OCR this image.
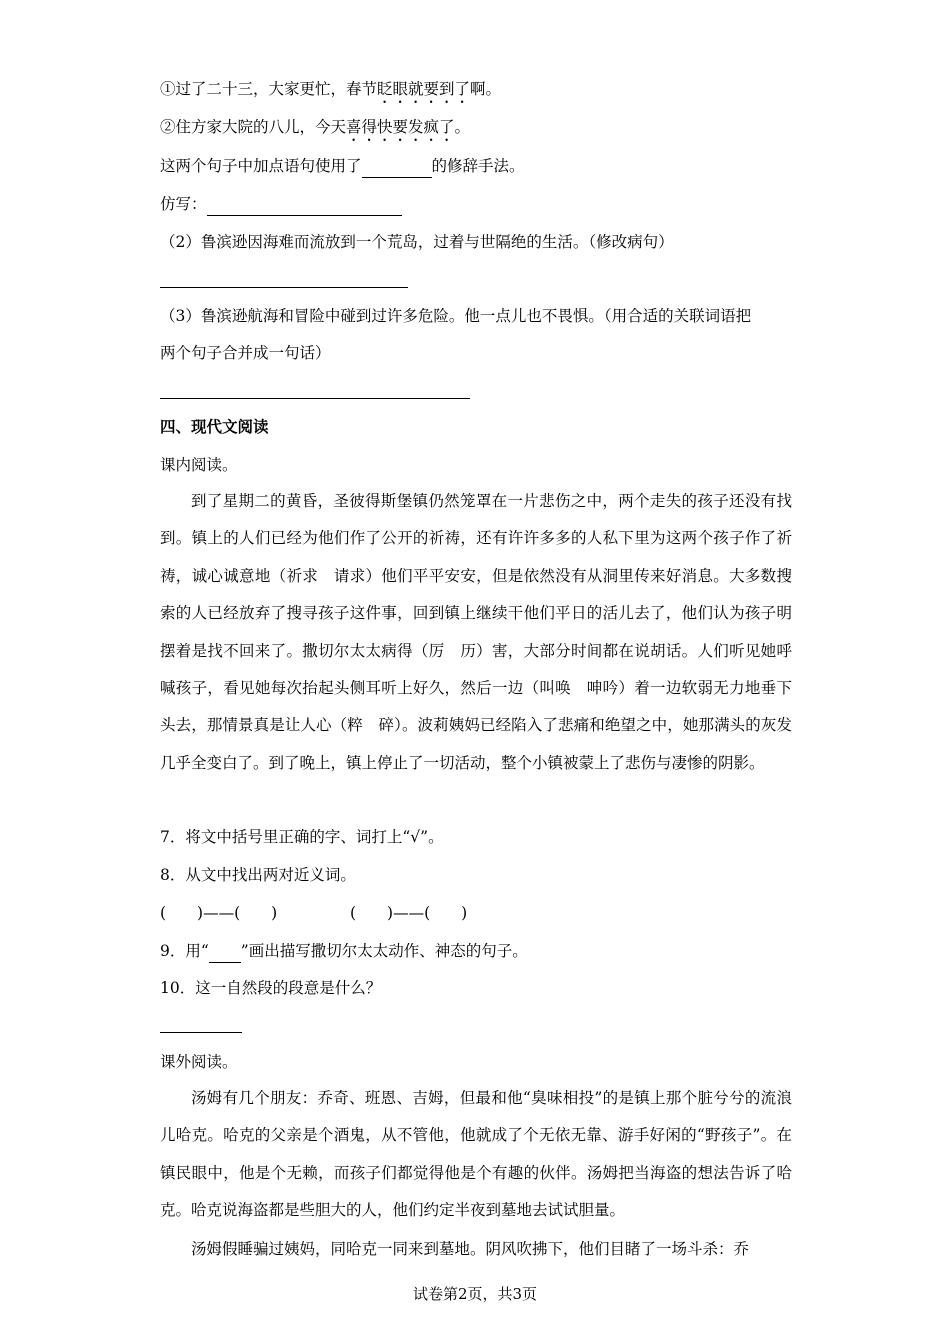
①过了二十三，大家更忙，春节眨眼就要到了啊。
②住方家大院的八儿，今天喜得快要发疯了。
这两个句子中加点语句使用了	的修辞手法。
仿写：
（2）鲁滨逊因海难而流放到一个荒岛，过着与世隔绝的生活。（修改病句）
（3）鲁滨逊航海和冒险中碰到过许多危险。他一点儿也不畏惧。（用合适的关联词语把
两个句子合并成一句话）
四、现代文阅读
课内阅读。
到了星期二的黄昏，圣彼得斯堡镇仍然笼罩在一片悲伤之中，两个走失的孩子还没有找到。镇上的人们已经为他们作了公开的祈祷，还有许许多多的人私下里为这两个孩子作了祈祷，诚心诚意地（祈求　请求）他们平平安安，但是依然没有从洞里传来好消息。大多数搜索的人已经放弃了搜寻孩子这件事，回到镇上继续干他们平日的活儿去了，他们认为孩子明摆着是找不回来了。撒切尔太太病得（厉　历）害，大部分时间都在说胡话。人们听见她呼喊孩子，看见她每次抬起头侧耳听上好久，然后一边（叫唤　呻吟）着一边软弱无力地垂下头去，那情景真是让人心（粹　碎）。波莉姨妈已经陷入了悲痛和绝望之中，她那满头的灰发几乎全变白了。到了晚上，镇上停止了一切活动，整个小镇被蒙上了悲伤与凄惨的阴影。
7．将文中括号里正确的字、词打上“√”。
8．从文中找出两对近义词。
(　　)——(　　)	(　　)——(　　)
9．用“ ”画出描写撒切尔太太动作、神态的句子。
10．这一自然段的段意是什么？
课外阅读。
汤姆有几个朋友：乔奇、班恩、吉姆，但最和他“臭味相投”的是镇上那个脏兮兮的流浪儿哈克。哈克的父亲是个酒鬼，从不管他，他就成了个无依无靠、游手好闲的“野孩子”。在镇民眼中，他是个无赖，而孩子们都觉得他是个有趣的伙伴。汤姆把当海盗的想法告诉了哈克。哈克说海盗都是些胆大的人，他们约定半夜到墓地去试试胆量。
汤姆假睡骗过姨妈，同哈克一同来到墓地。阴风吹拂下，他们目睹了一场斗杀：乔
试卷第2页，共3页
